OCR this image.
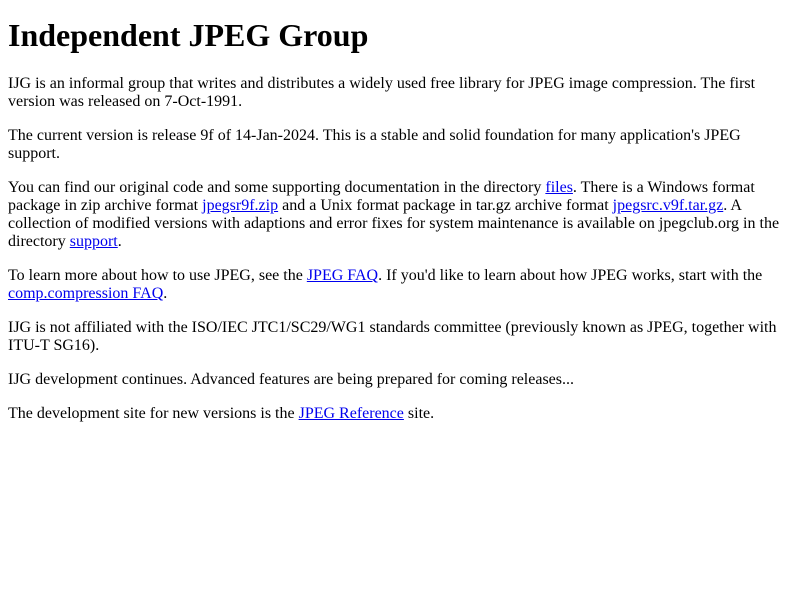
Independent JPEG Group

IJG is an informal group that writes and distributes a widely used free library for JPEG image compression. The first version was released on 7-Oct-1991.

The current version is release 9f of 14-Jan-2024. This is a stable and solid foundation for many application's JPEG support.

You can find our original code and some supporting documentation in the directory files. There is a Windows format package in zip archive format jpegsr9f.zip and a Unix format package in tar.gz archive format jpegsrc.v9f.tar.gz. A collection of modified versions with adaptions and error fixes for system maintenance is available on jpegclub.org in the directory support.

To learn more about how to use JPEG, see the JPEG FAQ. If you'd like to learn about how JPEG works, start with the comp.compression FAQ.

IJG is not affiliated with the ISO/IEC JTC1/SC29/WG1 standards committee (previously known as JPEG, together with ITU-T SG16).

IJG development continues. Advanced features are being prepared for coming releases...

The development site for new versions is the JPEG Reference site.
